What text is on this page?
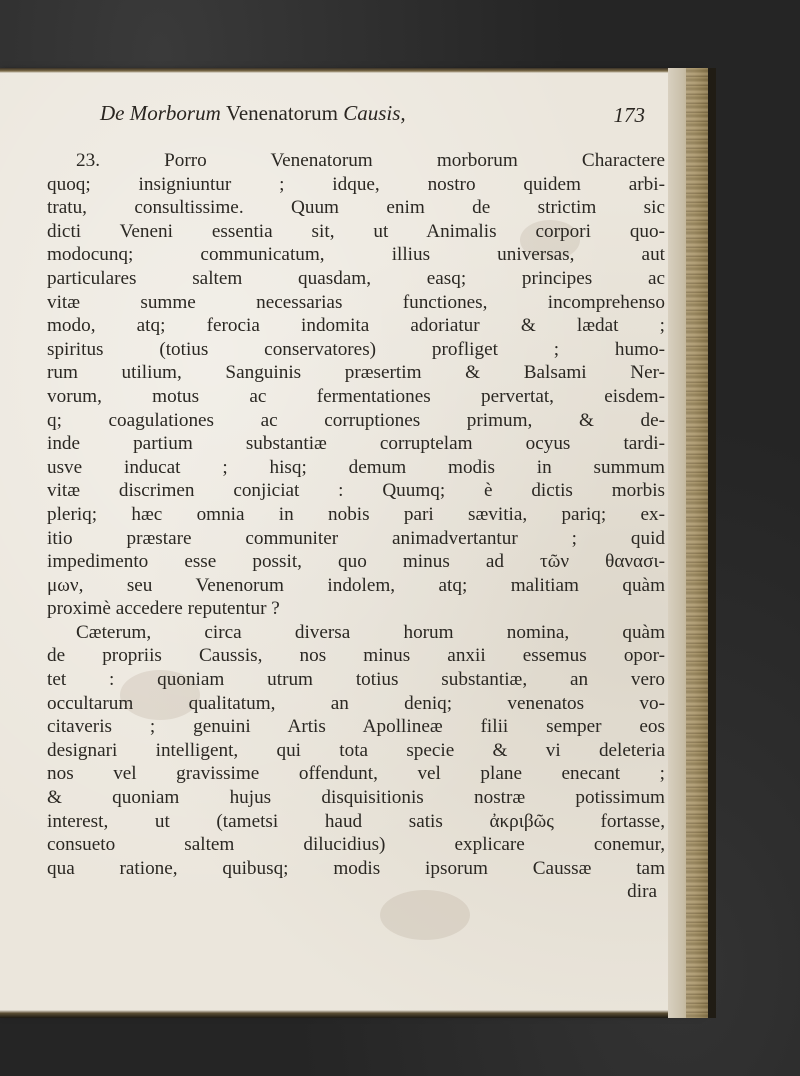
De Morborum Venenatorum Causis,	173
23. Porro Venenatorum morborum Charactere
quoq; insigniuntur ; idque, nostro quidem arbi-
tratu, consultissime. Quum enim de strictim sic
dicti Veneni essentia sit, ut Animalis corpori quo-
modocunq; communicatum, illius universas, aut
particulares saltem quasdam, easq; principes ac
vitæ summe necessarias functiones, incomprehenso
modo, atq; ferocia indomita adoriatur & lædat ;
spiritus (totius conservatores) profliget ; humo-
rum utilium, Sanguinis præsertim & Balsami Ner-
vorum, motus ac fermentationes pervertat, eisdem-
q; coagulationes ac corruptiones primum, & de-
inde partium substantiæ corruptelam ocyus tardi-
usve inducat ; hisq; demum modis in summum
vitæ discrimen conjiciat : Quumq; è dictis morbis
pleriq; hæc omnia in nobis pari sævitia, pariq; ex-
itio præstare communiter animadvertantur ; quid
impedimento esse possit, quo minus ad τῶν θανασι-
μων, seu Venenorum indolem, atq; malitiam quàm
proximè accedere reputentur ?
Cæterum, circa diversa horum nomina, quàm
de propriis Caussis, nos minus anxii essemus opor-
tet : quoniam utrum totius substantiæ, an vero
occultarum qualitatum, an deniq; venenatos vo-
citaveris ; genuini Artis Apollineæ filii semper eos
designari intelligent, qui tota specie & vi deleteria
nos vel gravissime offendunt, vel plane enecant ;
& quoniam hujus disquisitionis nostræ potissimum
interest, ut (tametsi haud satis ἀκριβῶς fortasse,
consueto saltem dilucidius) explicare conemur,
qua ratione, quibusq; modis ipsorum Caussæ tam
dira
